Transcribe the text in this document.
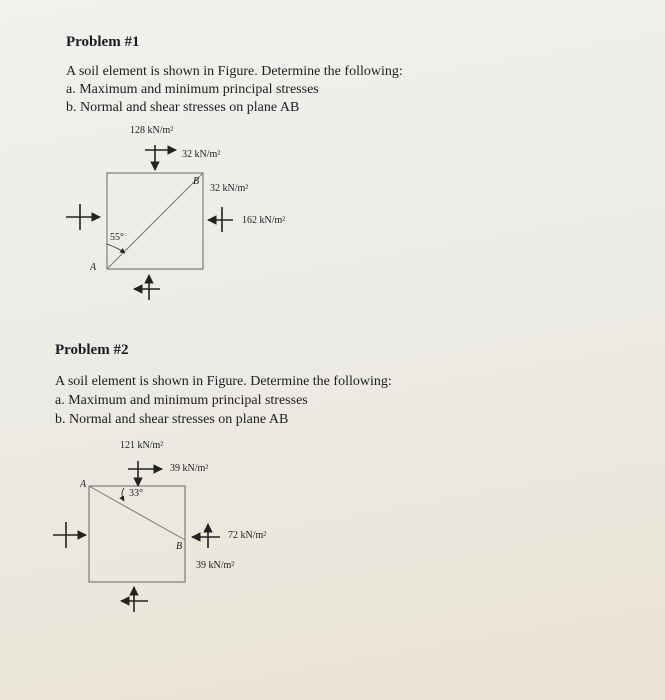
Problem #1
A soil element is shown in Figure. Determine the following:
a. Maximum and minimum principal stresses
b. Normal and shear stresses on plane AB
128 kN/m²
32 kN/m²
B
32 kN/m²
162 kN/m²
55°
A
Problem #2
A soil element is shown in Figure. Determine the following:
a. Maximum and minimum principal stresses
b. Normal and shear stresses on plane AB
121 kN/m²
39 kN/m²
A
33°
72 kN/m²
B
39 kN/m²
